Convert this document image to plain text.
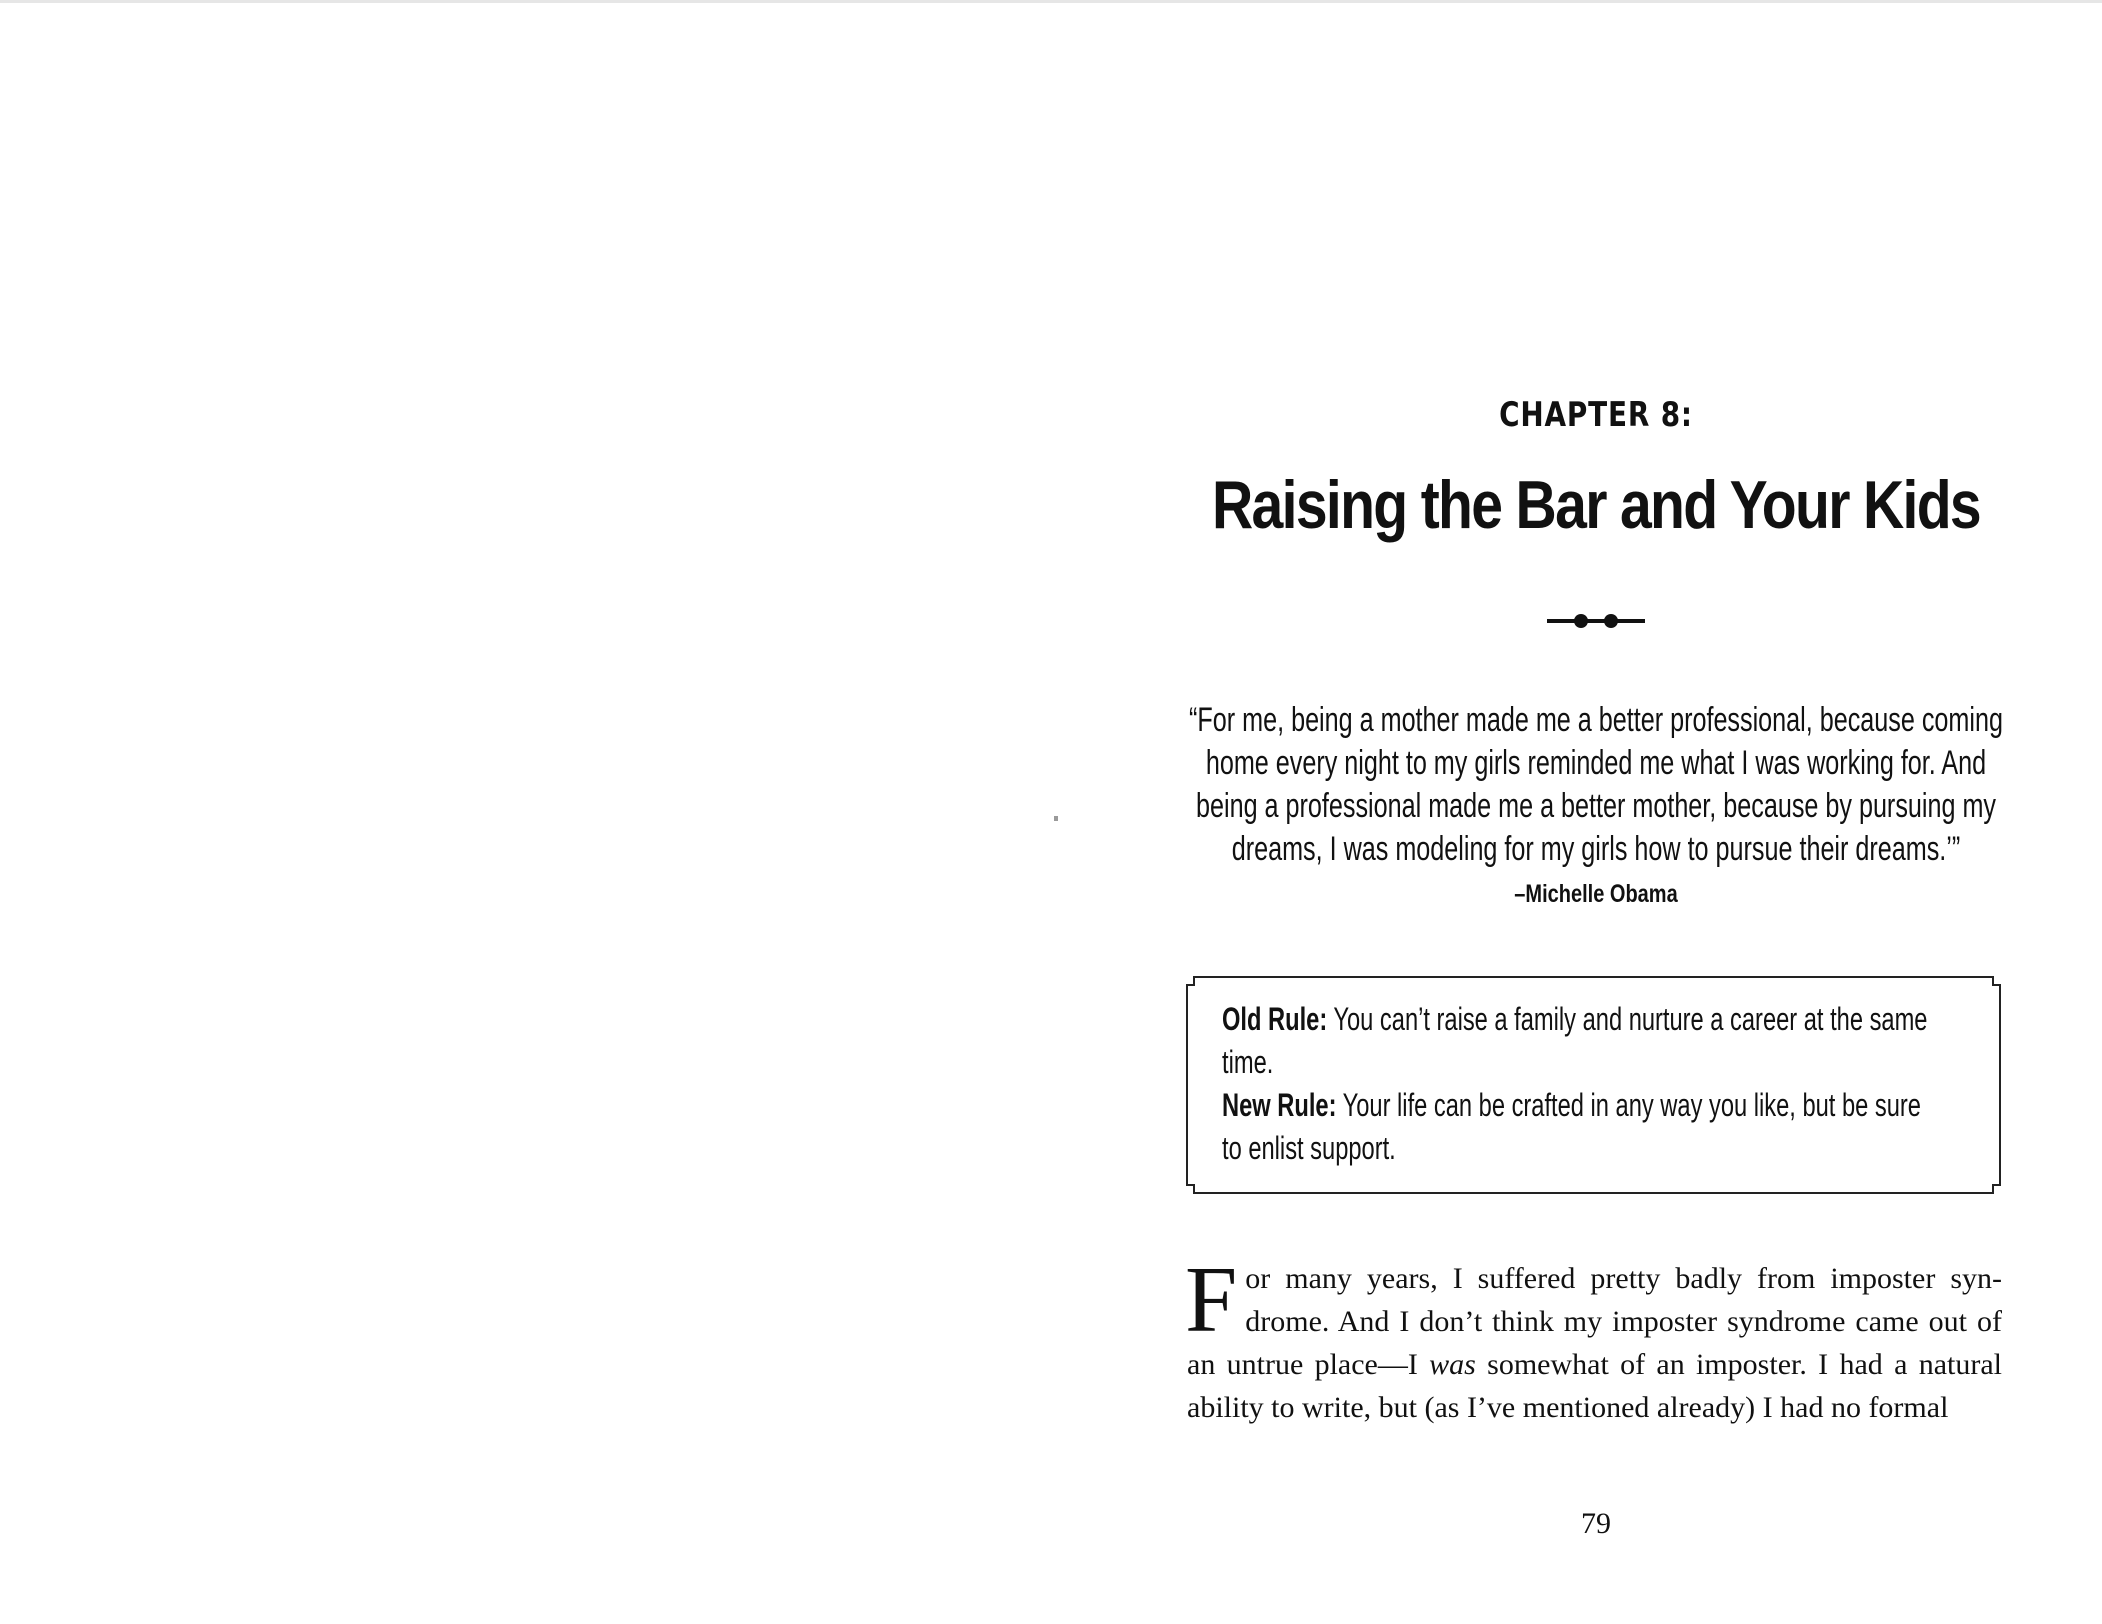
CHAPTER 8:
Raising the Bar and Your Kids
“For me, being a mother made me a better professional, because coming
home every night to my girls reminded me what I was working for. And
being a professional made me a better mother, because by pursuing my
dreams, I was modeling for my girls how to pursue their dreams.’”
–Michelle Obama
Old Rule: You can’t raise a family and nurture a career at the same time.
New Rule: Your life can be crafted in any way you like, but be sure to enlist support.
For many years, I suffered pretty badly from imposter syndrome. And I don’t think my imposter syndrome came out of an untrue place—I was somewhat of an imposter. I had a natural ability to write, but (as I’ve mentioned already) I had no formal
79
